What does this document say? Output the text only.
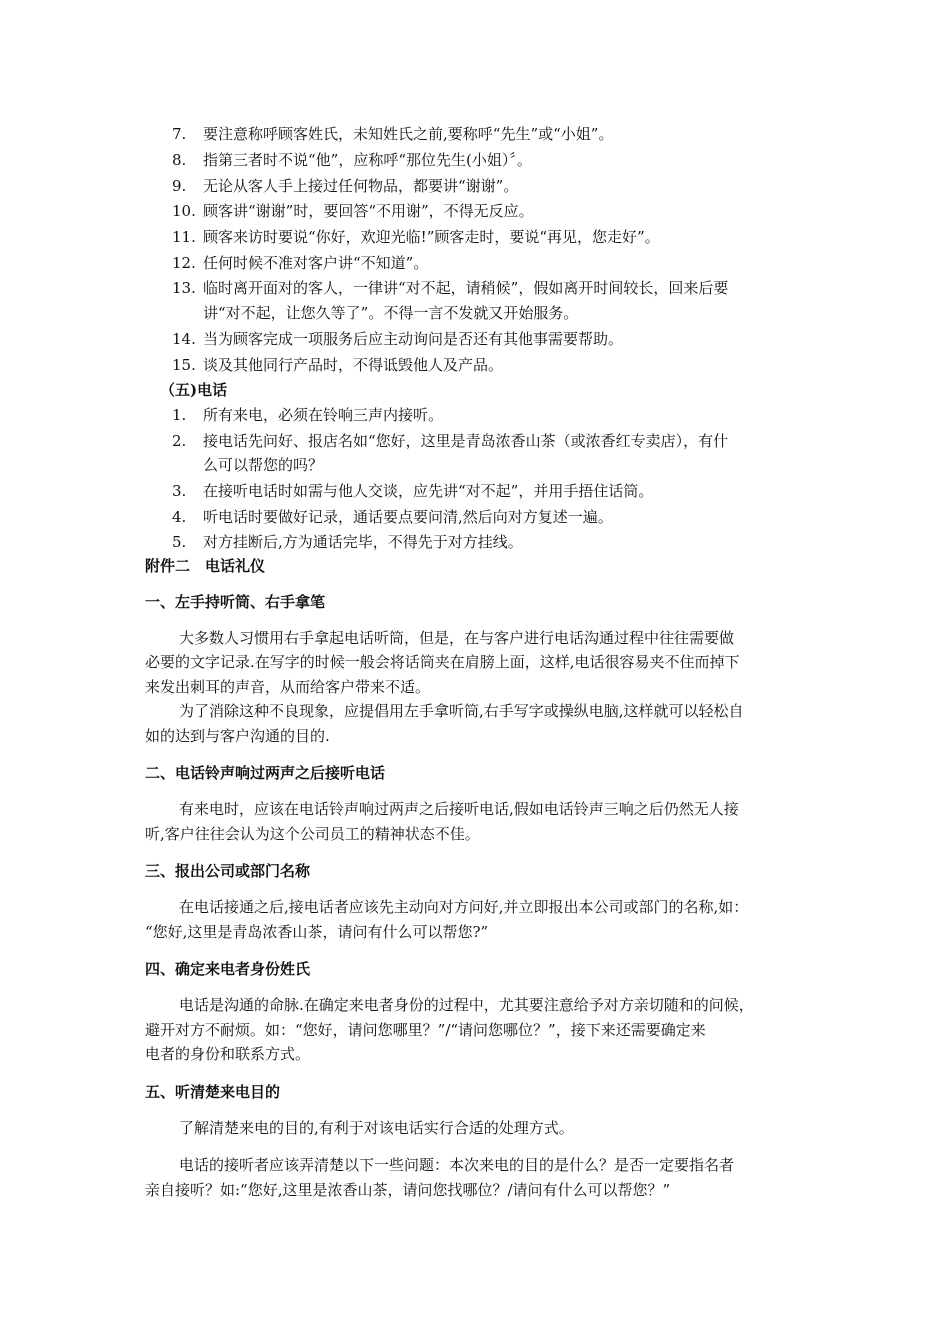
7. 要注意称呼顾客姓氏，未知姓氏之前,要称呼“先生”或“小姐”。
8. 指第三者时不说“他”，应称呼“那位先生(小姐）〞。
9. 无论从客人手上接过任何物品，都要讲“谢谢”。
10. 顾客讲“谢谢”时，要回答“不用谢”，不得无反应。
11. 顾客来访时要说“你好，欢迎光临!”顾客走时，要说“再见，您走好”。
12. 任何时候不准对客户讲“不知道”。
13. 临时离开面对的客人，一律讲“对不起，请稍候”，假如离开时间较长，回来后要
讲“对不起，让您久等了”。不得一言不发就又开始服务。
14. 当为顾客完成一项服务后应主动询问是否还有其他事需要帮助。
15. 谈及其他同行产品时，不得诋毁他人及产品。
（五)电话
1. 所有来电，必须在铃响三声内接听。
2. 接电话先问好、报店名如“您好，这里是青岛浓香山茶（或浓香红专卖店），有什
么可以帮您的吗？
3. 在接听电话时如需与他人交谈，应先讲“对不起”，并用手捂住话筒。
4. 听电话时要做好记录，通话要点要问清,然后向对方复述一遍。
5. 对方挂断后,方为通话完毕，不得先于对方挂线。
附件二　电话礼仪
一、左手持听筒、右手拿笔
大多数人习惯用右手拿起电话听筒，但是，在与客户进行电话沟通过程中往往需要做
必要的文字记录.在写字的时候一般会将话筒夹在肩膀上面，这样,电话很容易夹不住而掉下
来发出刺耳的声音，从而给客户带来不适。
为了消除这种不良现象，应提倡用左手拿听筒,右手写字或操纵电脑,这样就可以轻松自
如的达到与客户沟通的目的.
二、电话铃声响过两声之后接听电话
有来电时，应该在电话铃声响过两声之后接听电话,假如电话铃声三响之后仍然无人接
听,客户往往会认为这个公司员工的精神状态不佳。
三、报出公司或部门名称
在电话接通之后,接电话者应该先主动向对方问好,并立即报出本公司或部门的名称,如：
“您好,这里是青岛浓香山茶，请问有什么可以帮您?”
四、确定来电者身份姓氏
电话是沟通的命脉.在确定来电者身份的过程中，尤其要注意给予对方亲切随和的问候，
避开对方不耐烦。如：“您好，请问您哪里？”/“请问您哪位？”，接下来还需要确定来
电者的身份和联系方式。
五、听清楚来电目的
了解清楚来电的目的,有利于对该电话实行合适的处理方式。
电话的接听者应该弄清楚以下一些问题：本次来电的目的是什么？是否一定要指名者
亲自接听？如:“您好,这里是浓香山茶，请问您找哪位？/请问有什么可以帮您？”
